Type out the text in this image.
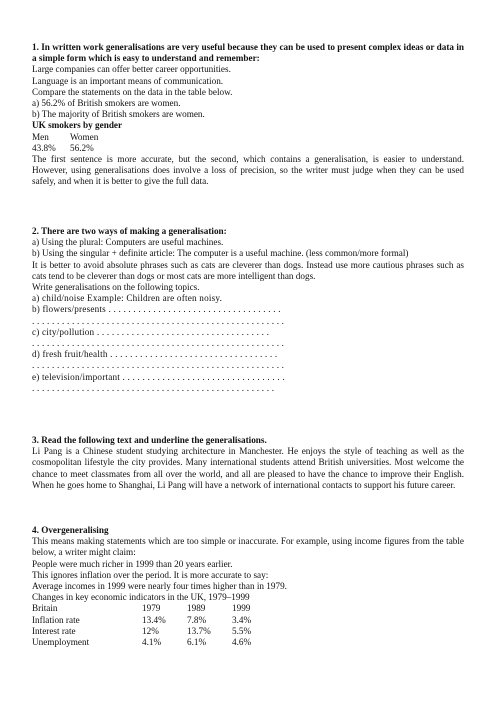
1. In written work generalisations are very useful because they can be used to present complex ideas or data in a simple form which is easy to understand and remember:
Large companies can offer better career opportunities.
Language is an important means of communication.
Compare the statements on the data in the table below.
a) 56.2% of British smokers are women.
b) The majority of British smokers are women.
UK smokers by gender
Men	Women
43.8%	56.2%
The first sentence is more accurate, but the second, which contains a generalisation, is easier to understand. However, using generalisations does involve a loss of precision, so the writer must judge when they can be used safely, and when it is better to give the full data.
2. There are two ways of making a generalisation:
a) Using the plural: Computers are useful machines.
b) Using the singular + definite article: The computer is a useful machine. (less common/more formal)
It is better to avoid absolute phrases such as cats are cleverer than dogs. Instead use more cautious phrases such as cats tend to be cleverer than dogs or most cats are more intelligent than dogs.
Write generalisations on the following topics.
a) child/noise Example: Children are often noisy.
b) flowers/presents . . . . . . . . . . . . . . . . . . . . . . . . . . . . . . . . . . .
. . . . . . . . . . . . . . . . . . . . . . . . . . . . . . . . . . . . . . . . . . . . . . . . . . .
c) city/pollution . . . . . . . . . . . . . . . . . . . . . . . . . . . . . . . . . . .
. . . . . . . . . . . . . . . . . . . . . . . . . . . . . . . . . . . . . . . . . . . . . . . . . . .
d) fresh fruit/health . . . . . . . . . . . . . . . . . . . . . . . . . . . . . . . . . .
. . . . . . . . . . . . . . . . . . . . . . . . . . . . . . . . . . . . . . . . . . . . . . . . . . .
e) television/important . . . . . . . . . . . . . . . . . . . . . . . . . . . . . . . . .
. . . . . . . . . . . . . . . . . . . . . . . . . . . . . . . . . . . . . . . . . . . . . . . . .
3. Read the following text and underline the generalisations.
Li Pang is a Chinese student studying architecture in Manchester. He enjoys the style of teaching as well as the cosmopolitan lifestyle the city provides. Many international students attend British universities. Most welcome the chance to meet classmates from all over the world, and all are pleased to have the chance to improve their English. When he goes home to Shanghai, Li Pang will have a network of international contacts to support his future career.
4. Overgeneralising
This means making statements which are too simple or inaccurate. For example, using income figures from the table below, a writer might claim:
People were much richer in 1999 than 20 years earlier.
This ignores inflation over the period. It is more accurate to say:
Average incomes in 1999 were nearly four times higher than in 1979.
Changes in key economic indicators in the UK, 1979–1999
Britain	1979	1989	1999
Inflation rate	13.4%	7.8%	3.4%
Interest rate	12%	13.7%	5.5%
Unemployment	4.1%	6.1%	4.6%
